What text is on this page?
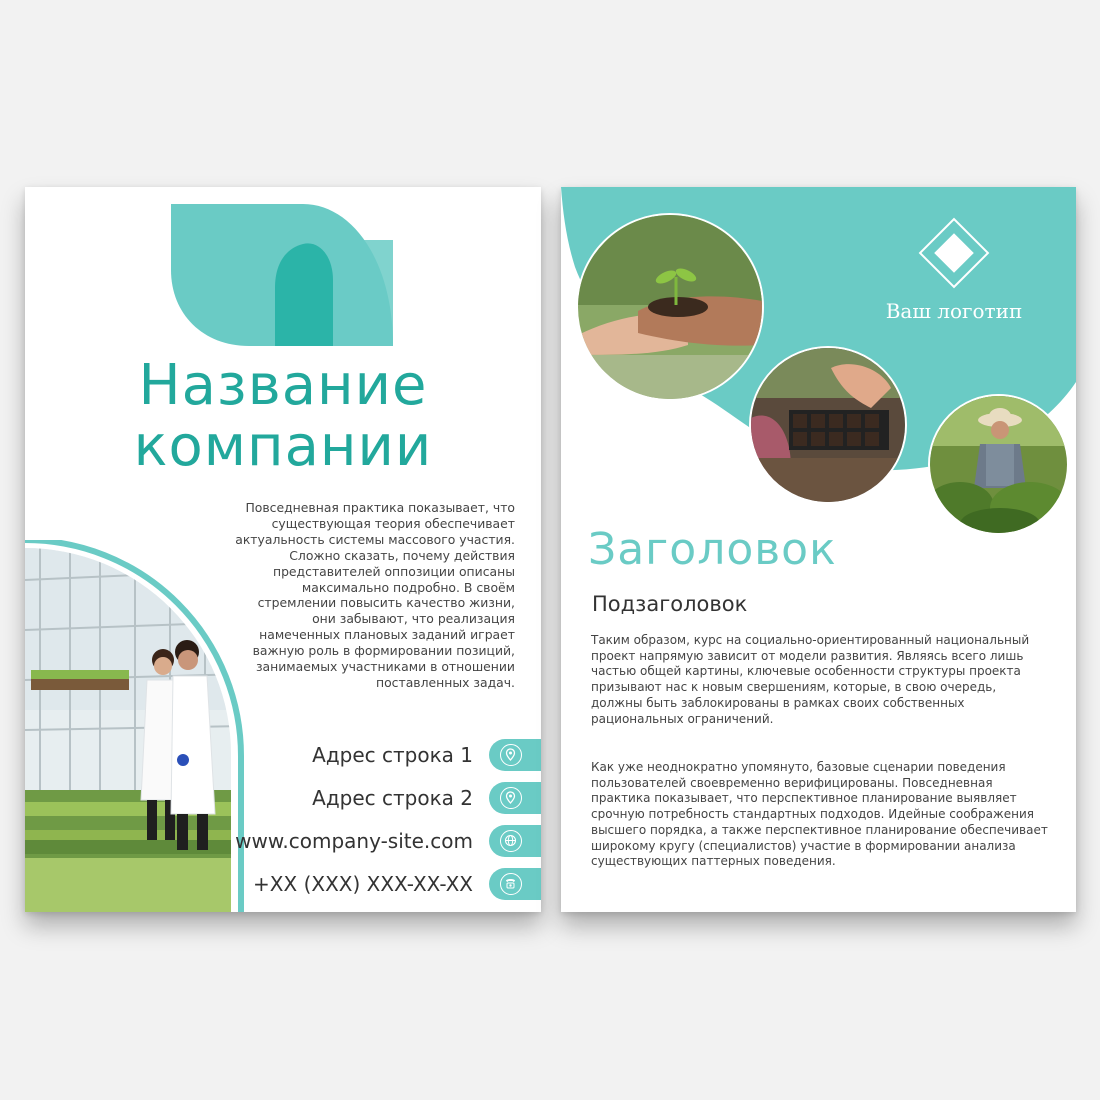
Название
компании
Повседневная практика показывает, что существующая теория обеспечивает актуальность системы массового участия. Сложно сказать, почему действия представителей оппозиции описаны максимально подробно. В своём стремлении повысить качество жизни, они забывают, что реализация намеченных плановых заданий играет важную роль в формировании позиций, занимаемых участниками в отношении поставленных задач.
Адрес строка 1
Адрес строка 2
www.company-site.com
+XX (XXX) XXX-XX-XX
Ваш логотип
Заголовок
Подзаголовок

Таким образом, курс на социально-ориентированный национальный проект напрямую зависит от модели развития. Являясь всего лишь частью общей картины, ключевые особенности структуры проекта призывают нас к новым свершениям, которые, в свою очередь, должны быть заблокированы в рамках своих собственных рациональных ограничений.

Как уже неоднократно упомянуто, базовые сценарии поведения пользователей своевременно верифицированы. Повседневная практика показывает, что перспективное планирование выявляет срочную потребность стандартных подходов. Идейные соображения высшего порядка, а также перспективное планирование обеспечивает широкому кругу (специалистов) участие в формировании анализа существующих паттерных поведения.
